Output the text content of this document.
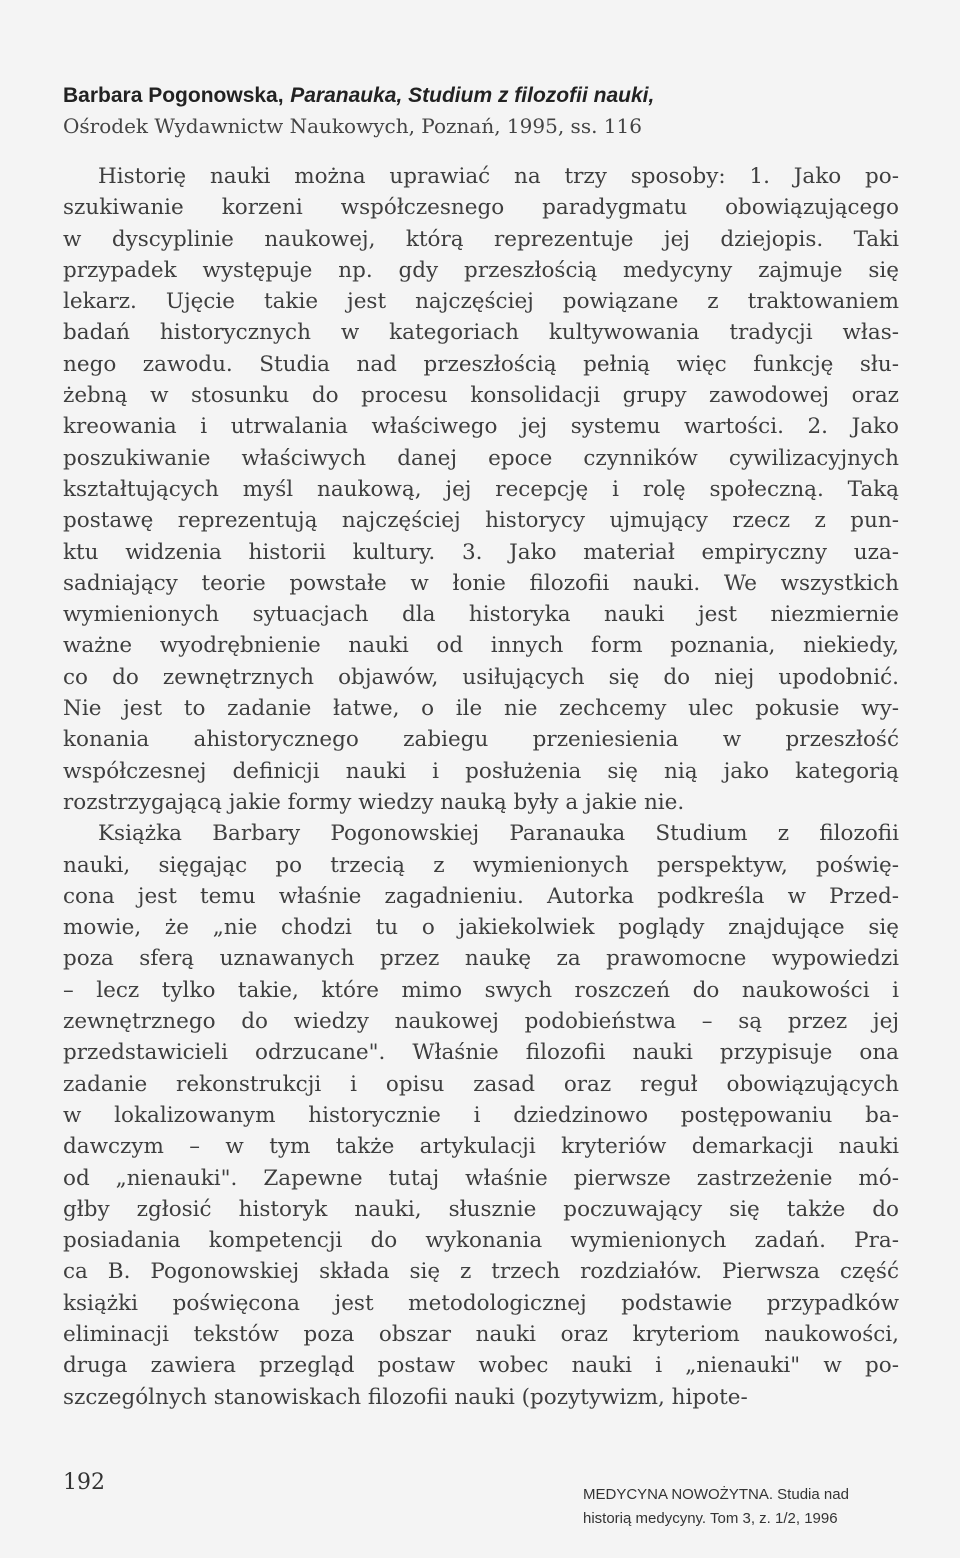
Barbara Pogonowska, Paranauka, Studium z filozofii nauki,
Ośrodek Wydawnictw Naukowych, Poznań, 1995, ss. 116
Historię nauki można uprawiać na trzy sposoby: 1. Jako po-
szukiwanie korzeni współczesnego paradygmatu obowiązującego
w dyscyplinie naukowej, którą reprezentuje jej dziejopis. Taki
przypadek występuje np. gdy przeszłością medycyny zajmuje się
lekarz. Ujęcie takie jest najczęściej powiązane z traktowaniem
badań historycznych w kategoriach kultywowania tradycji włas-
nego zawodu. Studia nad przeszłością pełnią więc funkcję słu-
żebną w stosunku do procesu konsolidacji grupy zawodowej oraz
kreowania i utrwalania właściwego jej systemu wartości. 2. Jako
poszukiwanie właściwych danej epoce czynników cywilizacyjnych
kształtujących myśl naukową, jej recepcję i rolę społeczną. Taką
postawę reprezentują najczęściej historycy ujmujący rzecz z pun-
ktu widzenia historii kultury. 3. Jako materiał empiryczny uza-
sadniający teorie powstałe w łonie filozofii nauki. We wszystkich
wymienionych sytuacjach dla historyka nauki jest niezmiernie
ważne wyodrębnienie nauki od innych form poznania, niekiedy,
co do zewnętrznych objawów, usiłujących się do niej upodobnić.
Nie jest to zadanie łatwe, o ile nie zechcemy ulec pokusie wy-
konania ahistorycznego zabiegu przeniesienia w przeszłość
współczesnej definicji nauki i posłużenia się nią jako kategorią
rozstrzygającą jakie formy wiedzy nauką były a jakie nie.
Książka Barbary Pogonowskiej Paranauka Studium z filozofii
nauki, sięgając po trzecią z wymienionych perspektyw, poświę-
cona jest temu właśnie zagadnieniu. Autorka podkreśla w Przed-
mowie, że „nie chodzi tu o jakiekolwiek poglądy znajdujące się
poza sferą uznawanych przez naukę za prawomocne wypowiedzi
– lecz tylko takie, które mimo swych roszczeń do naukowości i
zewnętrznego do wiedzy naukowej podobieństwa – są przez jej
przedstawicieli odrzucane". Właśnie filozofii nauki przypisuje ona
zadanie rekonstrukcji i opisu zasad oraz reguł obowiązujących
w lokalizowanym historycznie i dziedzinowo postępowaniu ba-
dawczym – w tym także artykulacji kryteriów demarkacji nauki
od „nienauki". Zapewne tutaj właśnie pierwsze zastrzeżenie mó-
głby zgłosić historyk nauki, słusznie poczuwający się także do
posiadania kompetencji do wykonania wymienionych zadań. Pra-
ca B. Pogonowskiej składa się z trzech rozdziałów. Pierwsza część
książki poświęcona jest metodologicznej podstawie przypadków
eliminacji tekstów poza obszar nauki oraz kryteriom naukowości,
druga zawiera przegląd postaw wobec nauki i „nienauki" w po-
szczególnych stanowiskach filozofii nauki (pozytywizm, hipote-
192	MEDYCYNA NOWOŻYTNA. Studia nad
historią medycyny. Tom 3, z. 1/2, 1996
